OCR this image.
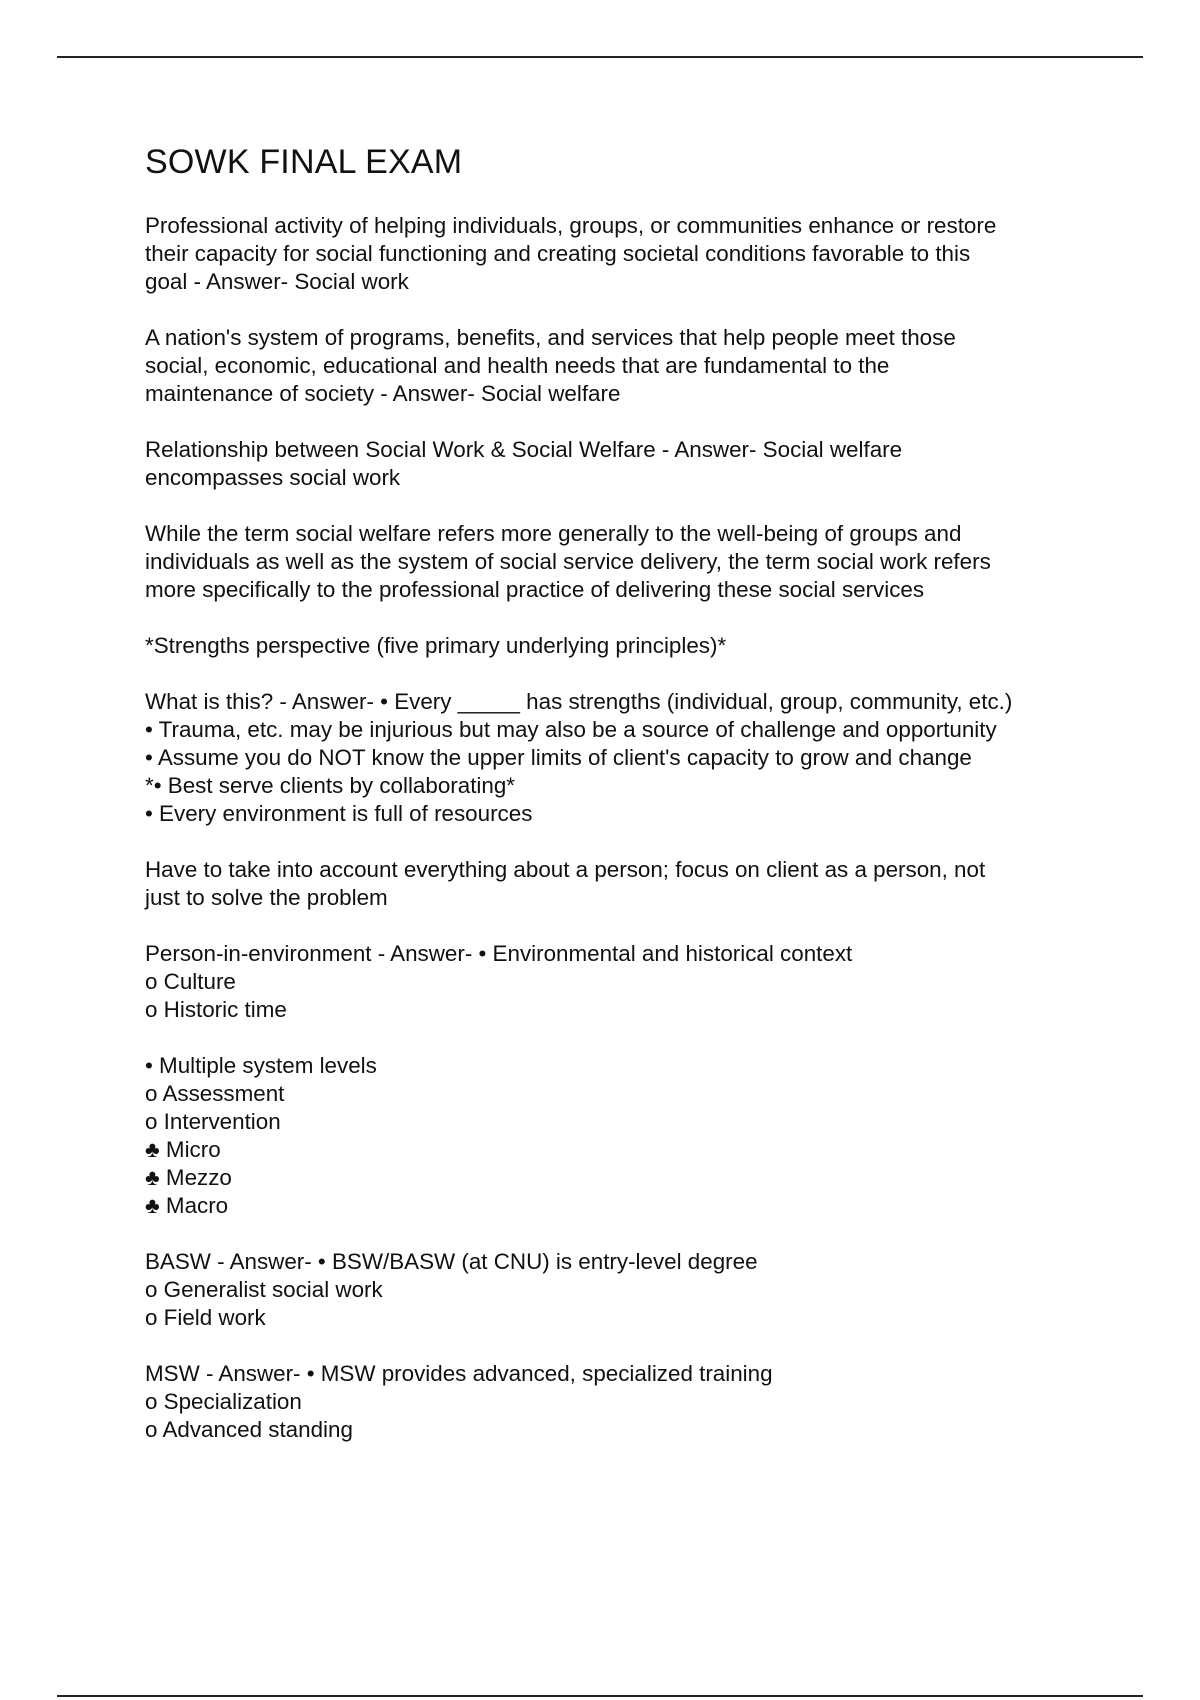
SOWK FINAL EXAM
Professional activity of helping individuals, groups, or communities enhance or restore
their capacity for social functioning and creating societal conditions favorable to this
goal - Answer- Social work
A nation's system of programs, benefits, and services that help people meet those
social, economic, educational and health needs that are fundamental to the
maintenance of society - Answer- Social welfare
Relationship between Social Work & Social Welfare - Answer- Social welfare
encompasses social work
While the term social welfare refers more generally to the well-being of groups and
individuals as well as the system of social service delivery, the term social work refers
more specifically to the professional practice of delivering these social services
*Strengths perspective (five primary underlying principles)*
What is this? - Answer- • Every _____ has strengths (individual, group, community, etc.)
• Trauma, etc. may be injurious but may also be a source of challenge and opportunity
• Assume you do NOT know the upper limits of client's capacity to grow and change
*• Best serve clients by collaborating*
• Every environment is full of resources
Have to take into account everything about a person; focus on client as a person, not
just to solve the problem
Person-in-environment - Answer- • Environmental and historical context
o Culture
o Historic time
• Multiple system levels
o Assessment
o Intervention
♣ Micro
♣ Mezzo
♣ Macro
BASW - Answer- • BSW/BASW (at CNU) is entry-level degree
o Generalist social work
o Field work
MSW - Answer- • MSW provides advanced, specialized training
o Specialization
o Advanced standing
